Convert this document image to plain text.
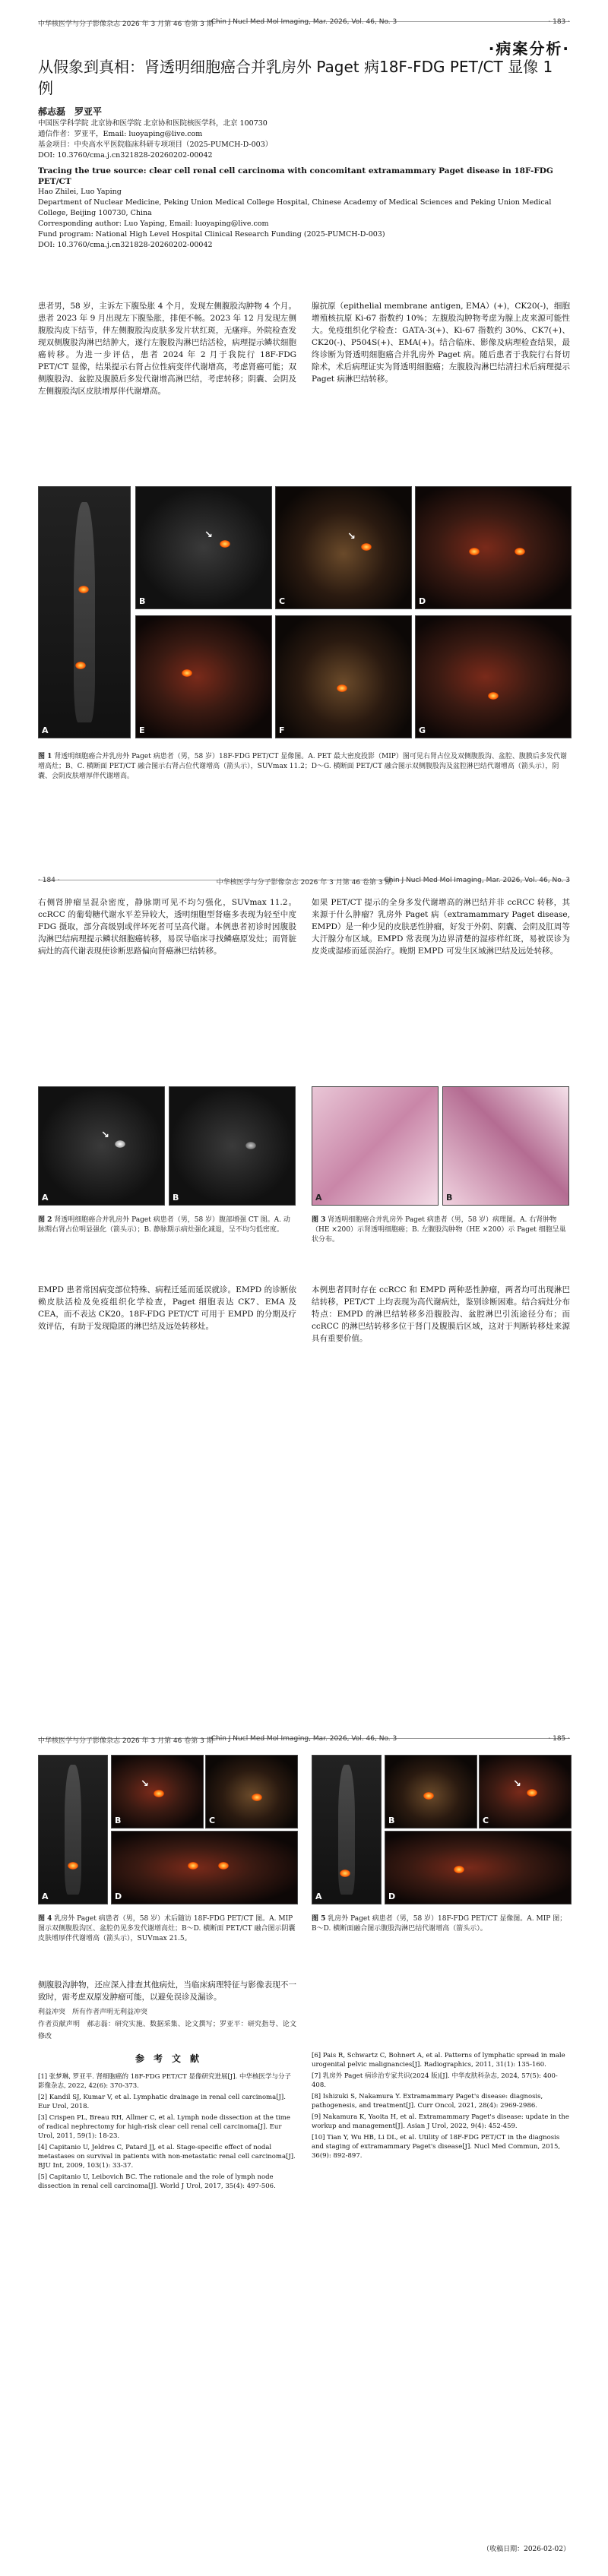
中华核医学与分子影像杂志 2026 年 3 月第 46 卷第 3 期
Chin J Nucl Med Mol Imaging, Mar. 2026, Vol. 46, No. 3	· 183 ·
·病案分析·
从假象到真相：肾透明细胞癌合并乳房外 Paget 病18F-FDG PET/CT 显像 1 例
郝志磊　罗亚平
中国医学科学院 北京协和医学院 北京协和医院核医学科，北京 100730
通信作者：罗亚平，Email: luoyaping@live.com
基金项目：中央高水平医院临床科研专项项目（2025-PUMCH-D-003）
DOI: 10.3760/cma.j.cn321828-20260202-00042
Tracing the true source: clear cell renal cell carcinoma with concomitant extramammary Paget disease in 18F-FDG PET/CT
Hao Zhilei, Luo Yaping
Department of Nuclear Medicine, Peking Union Medical College Hospital, Chinese Academy of Medical Sciences and Peking Union Medical College, Beijing 100730, China
Corresponding author: Luo Yaping, Email: luoyaping@live.com
Fund program: National High Level Hospital Clinical Research Funding (2025-PUMCH-D-003)
DOI: 10.3760/cma.j.cn321828-20260202-00042
患者男，58 岁，主诉左下腹坠胀 4 个月，发现左侧腹股沟肿物 4 个月。患者 2023 年 9 月出现左下腹坠胀，排便不畅。2023 年 12 月发现左侧腹股沟皮下结节，伴左侧腹股沟皮肤多发片状红斑，无瘙痒。外院检查发现双侧腹股沟淋巴结肿大，遂行左腹股沟淋巴结活检，病理提示鳞状细胞癌转移。为进一步评估，患者 2024 年 2 月于我院行 18F-FDG PET/CT 显像，结果提示右肾占位性病变伴代谢增高，考虑肾癌可能；双侧腹股沟、盆腔及腹膜后多发代谢增高淋巴结，考虑转移；阴囊、会阴及左侧腹股沟区皮肤增厚伴代谢增高。
腺抗原（epithelial membrane antigen, EMA）(+)，CK20(-)，细胞增殖核抗原 Ki-67 指数约 10%；左腹股沟肿物考虑为腺上皮来源可能性大。免疫组织化学检查：GATA-3(+)、Ki-67 指数约 30%、CK7(+)、CK20(-)、P504S(+)、EMA(+)。结合临床、影像及病理检查结果，最终诊断为肾透明细胞癌合并乳房外 Paget 病。随后患者于我院行右肾切除术，术后病理证实为肾透明细胞癌；左腹股沟淋巴结清扫术后病理提示 Paget 病淋巴结转移。
A
↘
B
↘
C	D
E	F	G
图 1 肾透明细胞癌合并乳房外 Paget 病患者（男，58 岁）18F-FDG PET/CT 显像图。A. PET 最大密度投影（MIP）图可见右肾占位及双侧腹股沟、盆腔、腹膜后多发代谢增高灶；B、C. 横断面 PET/CT 融合图示右肾占位代谢增高（箭头示），SUVmax 11.2；D～G. 横断面 PET/CT 融合图示双侧腹股沟及盆腔淋巴结代谢增高（箭头示），阴囊、会阴皮肤增厚伴代谢增高。
· 184 ·	中华核医学与分子影像杂志 2026 年 3 月第 46 卷第 3 期
Chin J Nucl Med Mol Imaging, Mar. 2026, Vol. 46, No. 3
右侧肾肿瘤呈混杂密度，静脉期可见不均匀强化，SUVmax 11.2。ccRCC 的葡萄糖代谢水平差异较大，透明细胞型肾癌多表现为轻至中度 FDG 摄取，部分高级别或伴坏死者可呈高代谢。本例患者初诊时因腹股沟淋巴结病理提示鳞状细胞癌转移，易误导临床寻找鳞癌原发灶；而肾脏病灶的高代谢表现使诊断思路偏向肾癌淋巴结转移。
如果 PET/CT 提示的全身多发代谢增高的淋巴结并非 ccRCC 转移，其来源于什么肿瘤？乳房外 Paget 病（extramammary Paget disease, EMPD）是一种少见的皮肤恶性肿瘤，好发于外阴、阴囊、会阴及肛周等大汗腺分布区域。EMPD 常表现为边界清楚的湿疹样红斑，易被误诊为皮炎或湿疹而延误治疗。晚期 EMPD 可发生区域淋巴结及远处转移。
↘
A	B
图 2 肾透明细胞癌合并乳房外 Paget 病患者（男，58 岁）腹部增强 CT 图。A. 动脉期右肾占位明显强化（箭头示）；B. 静脉期示病灶强化减退，呈不均匀低密度。
A	B
图 3 肾透明细胞癌合并乳房外 Paget 病患者（男，58 岁）病理图。A. 右肾肿物（HE ×200）示肾透明细胞癌；B. 左腹股沟肿物（HE ×200）示 Paget 细胞呈巢状分布。
EMPD 患者常因病变部位特殊、病程迁延而延误就诊。EMPD 的诊断依赖皮肤活检及免疫组织化学检查，Paget 细胞表达 CK7、EMA 及 CEA，而不表达 CK20。18F-FDG PET/CT 可用于 EMPD 的分期及疗效评估，有助于发现隐匿的淋巴结及远处转移灶。
本例患者同时存在 ccRCC 和 EMPD 两种恶性肿瘤，两者均可出现淋巴结转移，PET/CT 上均表现为高代谢病灶，鉴别诊断困难。结合病灶分布特点：EMPD 的淋巴结转移多沿腹股沟、盆腔淋巴引流途径分布；而 ccRCC 的淋巴结转移多位于肾门及腹膜后区域，这对于判断转移灶来源具有重要价值。
中华核医学与分子影像杂志 2026 年 3 月第 46 卷第 3 期
Chin J Nucl Med Mol Imaging, Mar. 2026, Vol. 46, No. 3	· 185 ·
A
↘
B	C
D	A
B
↘
C
D
图 4 乳房外 Paget 病患者（男，58 岁）术后随访 18F-FDG PET/CT 图。A. MIP 图示双侧腹股沟区、盆腔仍见多发代谢增高灶；B～D. 横断面 PET/CT 融合图示阴囊皮肤增厚伴代谢增高（箭头示），SUVmax 21.5。
图 5 乳房外 Paget 病患者（男，58 岁）18F-FDG PET/CT 显像图。A. MIP 图；B～D. 横断面融合图示腹股沟淋巴结代谢增高（箭头示）。
侧腹股沟肿物，还应深入排查其他病灶，当临床病理特征与影像表现不一致时，需考虑双原发肿瘤可能，以避免误诊及漏诊。
利益冲突　所有作者声明无利益冲突
作者贡献声明　郝志磊：研究实施、数据采集、论文撰写；罗亚平：研究指导、论文修改
参　考　文　献
[1] 张梦琳, 罗亚平. 肾细胞癌的 18F-FDG PET/CT 显像研究进展[J]. 中华核医学与分子影像杂志, 2022, 42(6): 370-373.
[2] Kandil SJ, Kumar V, et al. Lymphatic drainage in renal cell carcinoma[J]. Eur Urol, 2018.
[3] Crispen PL, Breau RH, Allmer C, et al. Lymph node dissection at the time of radical nephrectomy for high-risk clear cell renal cell carcinoma[J]. Eur Urol, 2011, 59(1): 18-23.
[4] Capitanio U, Jeldres C, Patard JJ, et al. Stage-specific effect of nodal metastases on survival in patients with non-metastatic renal cell carcinoma[J]. BJU Int, 2009, 103(1): 33-37.
[5] Capitanio U, Leibovich BC. The rationale and the role of lymph node dissection in renal cell carcinoma[J]. World J Urol, 2017, 35(4): 497-506.
[6] Pais R, Schwartz C, Bohnert A, et al. Patterns of lymphatic spread in male urogenital pelvic malignancies[J]. Radiographics, 2011, 31(1): 135-160.
[7] 乳房外 Paget 病诊治专家共识(2024 版)[J]. 中华皮肤科杂志, 2024, 57(5): 400-408.
[8] Ishizuki S, Nakamura Y. Extramammary Paget's disease: diagnosis, pathogenesis, and treatment[J]. Curr Oncol, 2021, 28(4): 2969-2986.
[9] Nakamura K, Yaoita H, et al. Extramammary Paget's disease: update in the workup and management[J]. Asian J Urol, 2022, 9(4): 452-459.
[10] Tian Y, Wu HB, Li DL, et al. Utility of 18F-FDG PET/CT in the diagnosis and staging of extramammary Paget's disease[J]. Nucl Med Commun, 2015, 36(9): 892-897.
（收稿日期：2026-02-02）
